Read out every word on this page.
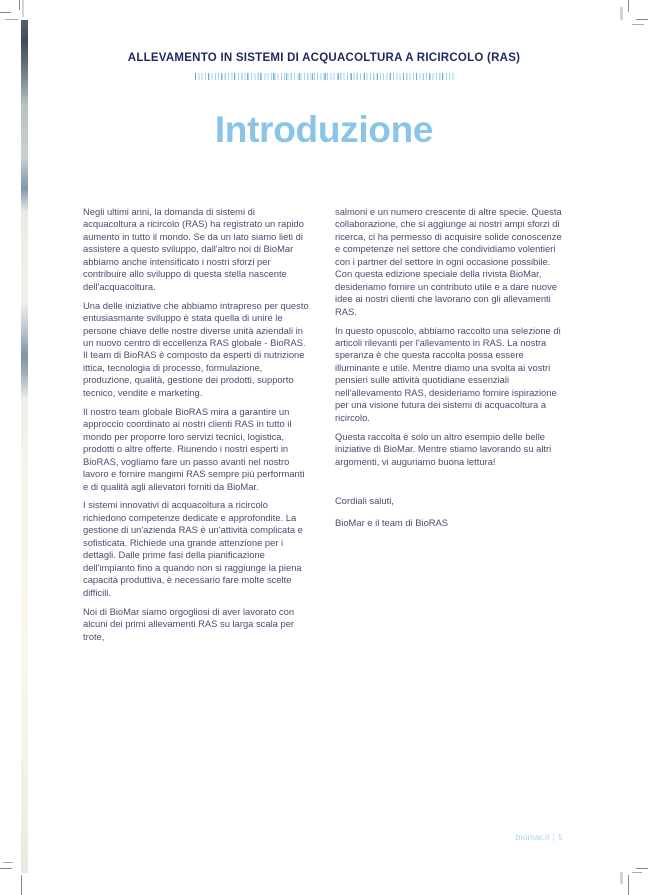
ALLEVAMENTO IN SISTEMI DI ACQUACOLTURA A RICIRCOLO (RAS)
Introduzione

Negli ultimi anni, la domanda di sistemi di acquacoltura a ricircolo (RAS) ha registrato un rapido aumento in tutto il mondo. Se da un lato siamo lieti di assistere a questo sviluppo, dall'altro noi di BioMar abbiamo anche intensificato i nostri sforzi per contribuire allo sviluppo di questa stella nascente dell'acquacoltura.

Una delle iniziative che abbiamo intrapreso per questo entusiasmante sviluppo è stata quella di unire le persone chiave delle nostre diverse unità aziendali in un nuovo centro di eccellenza RAS globale - BioRAS. Il team di BioRAS è composto da esperti di nutrizione ittica, tecnologia di processo, formulazione, produzione, qualità, gestione dei prodotti, supporto tecnico, vendite e marketing.

Il nostro team globale BioRAS mira a garantire un approccio coordinato ai nostri clienti RAS in tutto il mondo per proporre loro servizi tecnici, logistica, prodotti o altre offerte. Riunendo i nostri esperti in BioRAS, vogliamo fare un passo avanti nel nostro lavoro e fornire mangimi RAS sempre più performanti e di qualità agli allevatori forniti da BioMar.

I sistemi innovativi di acquacoltura a ricircolo richiedono competenze dedicate e approfondite. La gestione di un'azienda RAS è un'attività complicata e sofisticata. Richiede una grande attenzione per i dettagli. Dalle prime fasi della pianificazione dell'impianto fino a quando non si raggiunge la piena capacità produttiva, è necessario fare molte scelte difficili.

Noi di BioMar siamo orgogliosi di aver lavorato con alcuni dei primi allevamenti RAS su larga scala per trote,

salmoni e un numero crescente di altre specie. Questa collaborazione, che si aggiunge ai nostri ampi sforzi di ricerca, ci ha permesso di acquisire solide conoscenze e competenze nel settore che condividiamo volentieri con i partner del settore in ogni occasione possibile. Con questa edizione speciale della rivista BioMar, desideriamo fornire un contributo utile e a dare nuove idee ai nostri clienti che lavorano con gli allevamenti RAS.

In questo opuscolo, abbiamo raccolto una selezione di articoli rilevanti per l'allevamento in RAS. La nostra speranza è che questa raccolta possa essere illuminante e utile. Mentre diamo una svolta ai vostri pensieri sulle attività quotidiane essenziali nell'allevamento RAS, desideriamo fornire ispirazione per una visione futura dei sistemi di acquacoltura a ricircolo.

Questa raccolta è solo un altro esempio delle belle iniziative di BioMar. Mentre stiamo lavorando su altri argomenti, vi auguriamo buona lettura!

Cordiali saluti,

BioMar e il team di BioRAS

biomar.it | 5
